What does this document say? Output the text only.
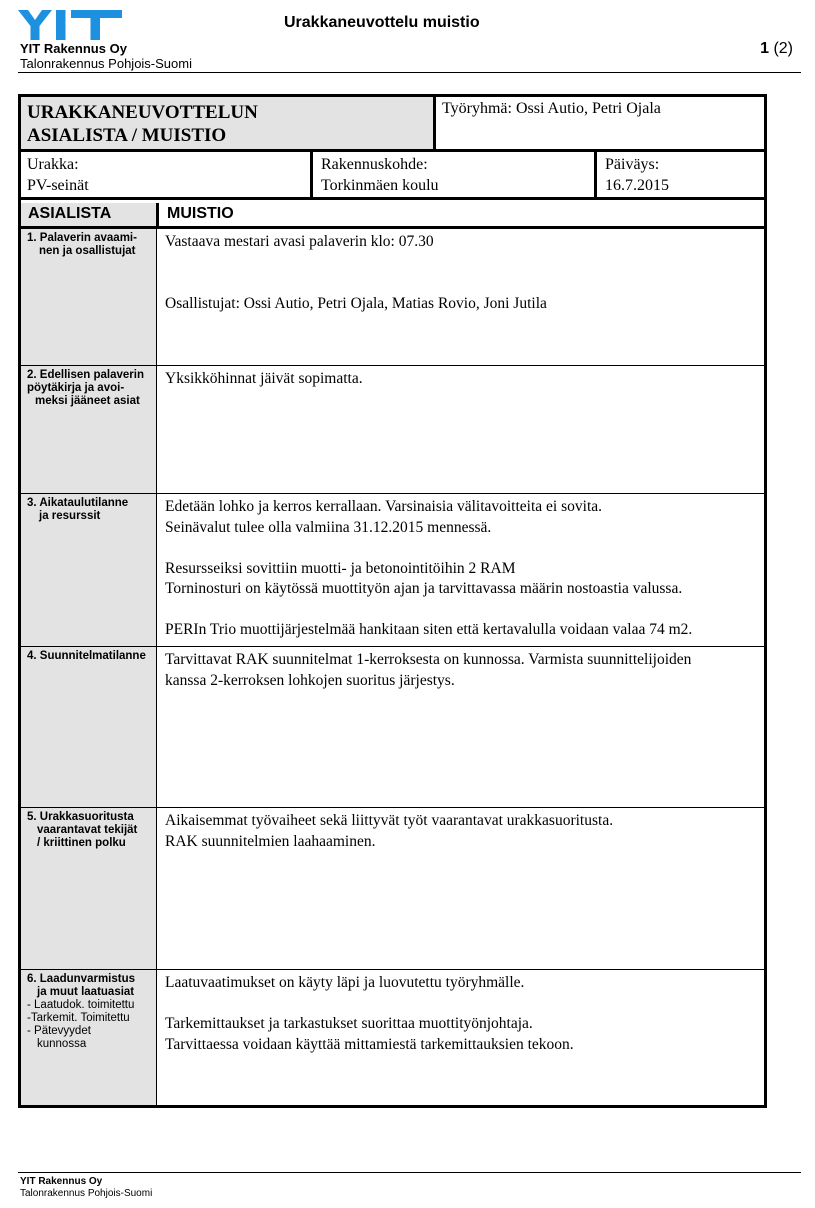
YIT Rakennus Oy
Talonrakennus Pohjois-Suomi
Urakkaneuvottelu muistio
1 (2)
URAKKANEUVOTTELUN
ASIALISTA / MUISTIO
Työryhmä: Ossi Autio, Petri Ojala
Urakka:
PV-seinät
Rakennuskohde:
Torkinmäen koulu
Päiväys:
16.7.2015
ASIALISTA	MUISTIO
1. Palaverin avaami-
nen ja osallistujat
Vastaava mestari avasi palaverin klo: 07.30
Osallistujat: Ossi Autio, Petri Ojala, Matias Rovio, Joni Jutila
2. Edellisen palaverin
pöytäkirja ja avoi-
meksi jääneet asiat
Yksikköhinnat jäivät sopimatta.
3. Aikataulutilanne
ja resurssit
Edetään lohko ja kerros kerrallaan. Varsinaisia välitavoitteita ei sovita.
Seinävalut tulee olla valmiina 31.12.2015 mennessä.
Resursseiksi sovittiin muotti- ja betonointitöihin 2 RAM
Torninosturi on käytössä muottityön ajan ja tarvittavassa määrin nostoastia valussa.
PERIn Trio muottijärjestelmää hankitaan siten että kertavalulla voidaan valaa 74 m2.
4. Suunnitelmatilanne	Tarvittavat RAK suunnitelmat 1-kerroksesta on kunnossa. Varmista suunnittelijoiden
kanssa 2-kerroksen lohkojen suoritus järjestys.
5. Urakkasuoritusta
vaarantavat tekijät
/ kriittinen polku
Aikaisemmat työvaiheet sekä liittyvät työt vaarantavat urakkasuoritusta.
RAK suunnitelmien laahaaminen.
6. Laadunvarmistus
ja muut laatuasiat
- Laatudok. toimitettu
-Tarkemit. Toimitettu
- Pätevyydet
kunnossa
Laatuvaatimukset on käyty läpi ja luovutettu työryhmälle.
Tarkemittaukset ja tarkastukset suorittaa muottityönjohtaja.
Tarvittaessa voidaan käyttää mittamiestä tarkemittauksien tekoon.
YIT Rakennus Oy
Talonrakennus Pohjois-Suomi
